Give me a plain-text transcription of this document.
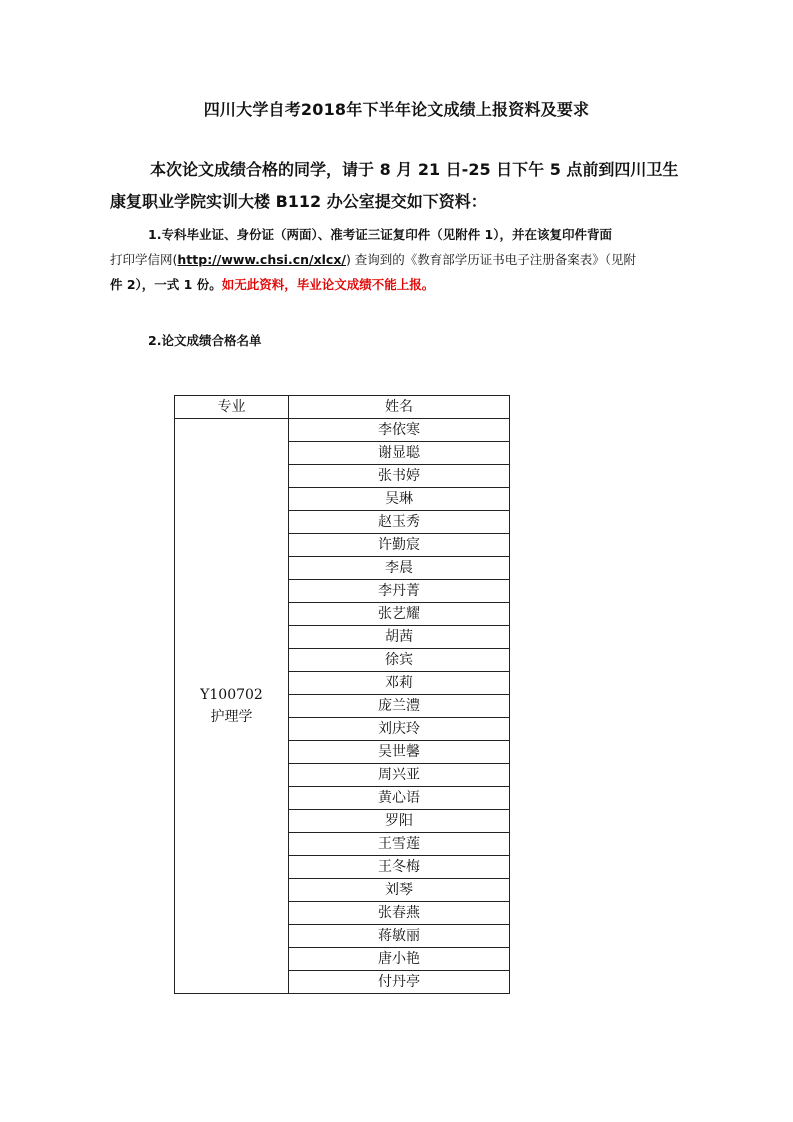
四川大学自考2018年下半年论文成绩上报资料及要求
本次论文成绩合格的同学，请于 8 月 21 日-25 日下午 5 点前到四川卫生
康复职业学院实训大楼 B112 办公室提交如下资料：
1.专科毕业证、身份证（两面）、准考证三证复印件（见附件 1），并在该复印件背面
打印学信网(http://www.chsi.cn/xlcx/) 查询到的《教育部学历证书电子注册备案表》（见附
件 2），一式 1 份。如无此资料，毕业论文成绩不能上报。
2.论文成绩合格名单
专业	姓名

Y100702
护理学	李依寒
	谢显聪
	张书婷
	吴琳
	赵玉秀
	许勤宸
	李晨
	李丹菁
	张艺耀
	胡茜
	徐宾
	邓莉
	庞兰澧
	刘庆玲
	吴世馨
	周兴亚
	黄心语
	罗阳
	王雪莲
	王冬梅
	刘琴
	张春燕
	蒋敏丽
	唐小艳
	付丹亭
